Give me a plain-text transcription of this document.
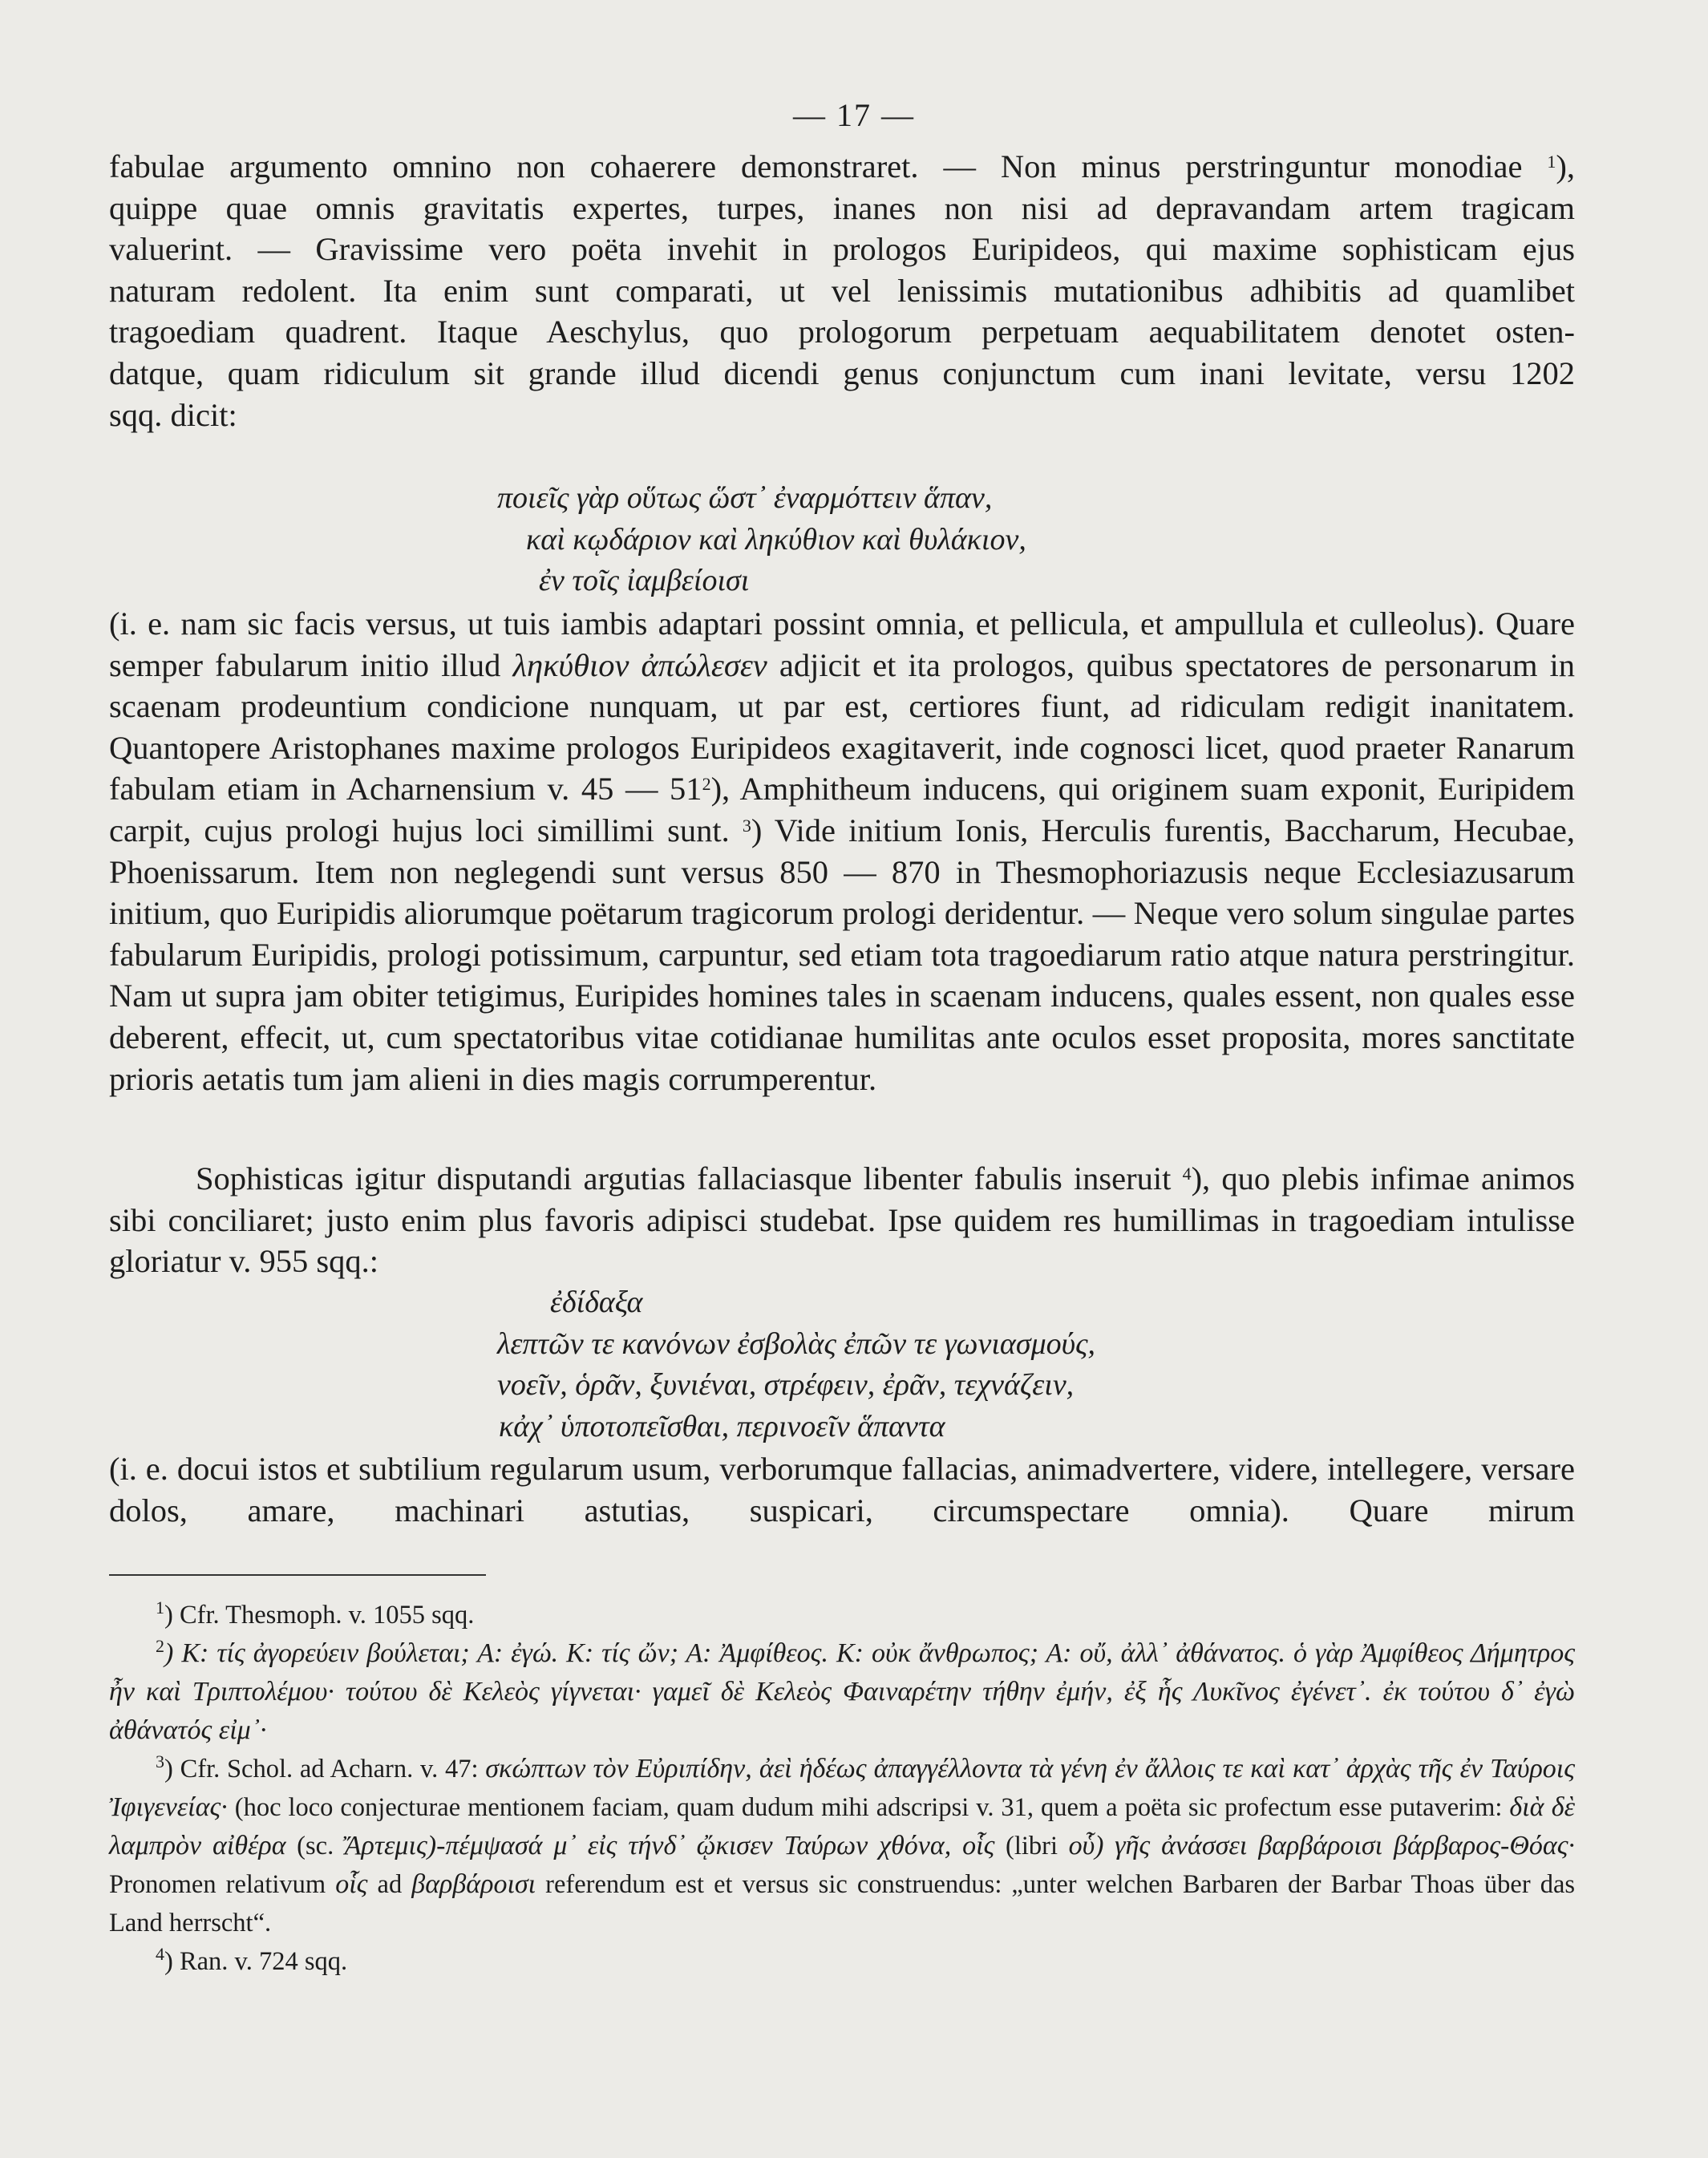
— 17 —
fabulae argumento omnino non cohaerere demonstraret. — Non minus perstringuntur monodiae $^1$),
quippe quae omnis gravitatis expertes, turpes, inanes non nisi ad depravandam artem tragicam
valuerint. — Gravissime vero poëta invehit in prologos Euripideos, qui maxime sophisticam ejus
naturam redolent. Ita enim sunt comparati, ut vel lenissimis mutationibus adhibitis ad quamlibet
tragoediam quadrent. Itaque Aeschylus, quo prologorum perpetuam aequabilitatem denotet osten-
datque, quam ridiculum sit grande illud dicendi genus conjunctum cum inani levitate, versu 1202
sqq. dicit:
ποιεῖς γὰρ οὕτως ὥστ᾽ ἐναρμόττειν ἅπαν,
καὶ κῳδάριον καὶ ληκύθιον καὶ θυλάκιον,
ἐν τοῖς ἰαμβείοισι
(i. e. nam sic facis versus, ut tuis iambis adaptari possint omnia, et pellicula, et ampullula et culleolus). Quare semper fabularum initio illud ληκύθιον ἀπώλεσεν adjicit et ita prologos, quibus spectatores de personarum in scaenam prodeuntium condicione nunquam, ut par est, certiores fiunt, ad ridiculam redigit inanitatem. Quantopere Aristophanes maxime prologos Euripideos exagitaverit, inde cognosci licet, quod praeter Ranarum fabulam etiam in Acharnensium v. 45 — $51^2$), Amphitheum inducens, qui originem suam exponit, Euripidem carpit, cujus prologi hujus loci simillimi sunt. $^3$) Vide initium Ionis, Herculis furentis, Baccharum, Hecubae, Phoenissarum. Item non neglegendi sunt versus 850 — 870 in Thesmophoriazusis neque Ecclesiazusarum initium, quo Euripidis aliorumque poëtarum tragicorum prologi deridentur. — Neque vero solum singulae partes fabularum Euripidis, prologi potissimum, carpuntur, sed etiam tota tragoediarum ratio atque natura perstringitur. Nam ut supra jam obiter tetigimus, Euripides homines tales in scaenam inducens, quales essent, non quales esse deberent, effecit, ut, cum spectatoribus vitae cotidianae humilitas ante oculos esset proposita, mores sanctitate prioris aetatis tum jam alieni in dies magis corrumperentur.
Sophisticas igitur disputandi argutias fallaciasque libenter fabulis inseruit $^4$), quo plebis infimae animos sibi conciliaret; justo enim plus favoris adipisci studebat. Ipse quidem res humillimas in tragoediam intulisse gloriatur v. 955 sqq.:
ἐδίδαξα
λεπτῶν τε κανόνων ἐσβολὰς ἐπῶν τε γωνιασμούς,
νοεῖν, ὁρᾶν, ξυνιέναι, στρέφειν, ἐρᾶν, τεχνάζειν,
κἀχ᾽ ὑποτοπεῖσθαι, περινοεῖν ἅπαντα
(i. e. docui istos et subtilium regularum usum, verborumque fallacias, animadvertere, videre, intellegere, versare dolos, amare, machinari astutias, suspicari, circumspectare omnia). Quare mirum
$^1$) Cfr. Thesmoph. v. 1055 sqq.
$^2$) Κ: τίς ἀγορεύειν βούλεται; Α: ἐγώ. Κ: τίς ὤν; Α: Ἀμφίθεος. Κ: οὐκ ἄνθρωπος; Α: οὔ, ἀλλ᾽ ἀθάνατος. ὁ γὰρ Ἀμφίθεος Δήμητρος ἦν καὶ Τριπτολέμου· τούτου δὲ Κελεὸς γίγνεται· γαμεῖ δὲ Κελεὸς Φαιναρέτην τήθην ἐμήν, ἐξ ἧς Λυκῖνος ἐγένετ᾽. ἐκ τούτου δ᾽ ἐγὼ ἀθάνατός εἰμ᾽·
$^3$) Cfr. Schol. ad Acharn. v. 47: σκώπτων τὸν Εὐριπίδην, ἀεὶ ἡδέως ἀπαγγέλλοντα τὰ γένη ἐν ἄλλοις τε καὶ κατ᾽ ἀρχὰς τῆς ἐν Ταύροις Ἰφιγενείας· (hoc loco conjecturae mentionem faciam, quam dudum mihi adscripsi v. 31, quem a poëta sic profectum esse putaverim: διὰ δὲ λαμπρὸν αἰθέρα (sc. Ἄρτεμις)-πέμψασά μ᾽ εἰς τήνδ᾽ ᾤκισεν Ταύρων χθόνα, οἷς (libri οὗ) γῆς ἀνάσσει βαρβάροισι βάρβαρος-Θόας· Pronomen relativum οἷς ad βαρβάροισι referendum est et versus sic construendus: „unter welchen Barbaren der Barbar Thoas über das Land herrscht“.
$^4$) Ran. v. 724 sqq.
